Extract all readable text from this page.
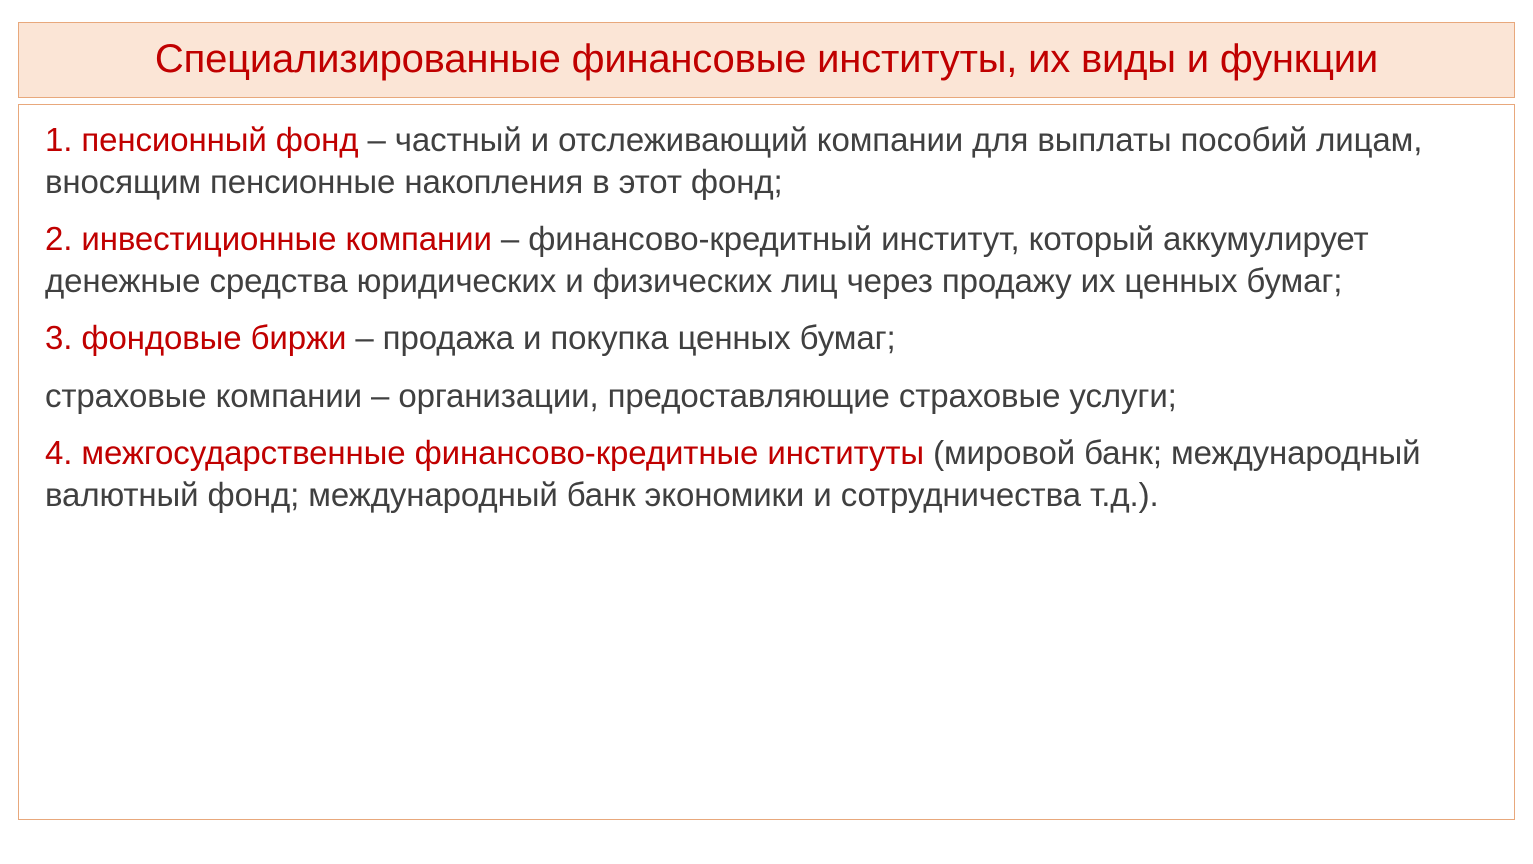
Специализированные финансовые институты, их виды и функции

1. пенсионный фонд – частный и отслеживающий компании для выплаты пособий лицам, вносящим пенсионные накопления в этот фонд;

2. инвестиционные компании – финансово-кредитный институт, который аккумулирует денежные средства юридических и физических лиц через продажу их ценных бумаг;

3. фондовые биржи – продажа и покупка ценных бумаг;

страховые компании – организации, предоставляющие страховые услуги;

4. межгосударственные финансово-кредитные институты (мировой банк; международный валютный фонд; международный банк экономики и сотрудничества т.д.).
